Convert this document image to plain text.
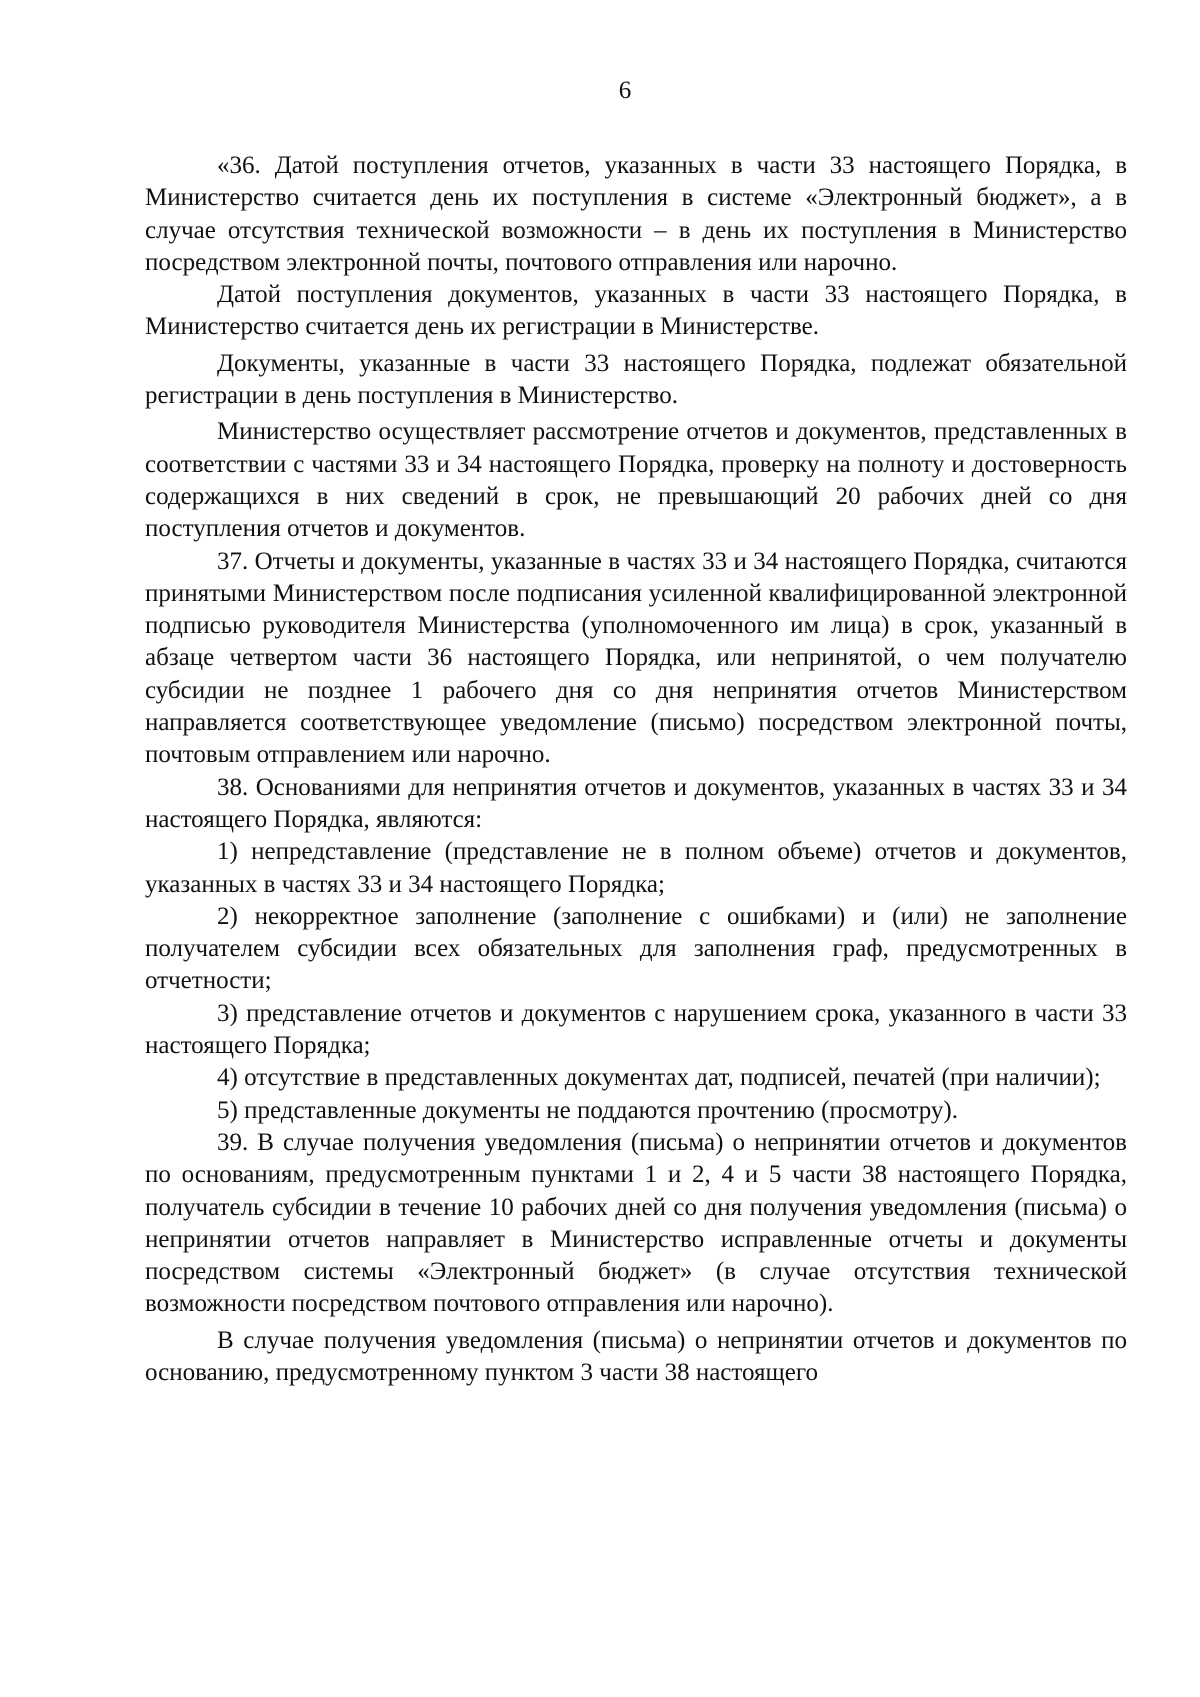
6

«36. Датой поступления отчетов, указанных в части 33 настоящего Порядка, в Министерство считается день их поступления в системе «Электронный бюджет», а в случае отсутствия технической возможности – в день их поступления в Министерство посредством электронной почты, почтового отправления или нарочно.

Датой поступления документов, указанных в части 33 настоящего Порядка, в Министерство считается день их регистрации в Министерстве.

Документы, указанные в части 33 настоящего Порядка, подлежат обязательной регистрации в день поступления в Министерство.

Министерство осуществляет рассмотрение отчетов и документов, представленных в соответствии с частями 33 и 34 настоящего Порядка, проверку на полноту и достоверность содержащихся в них сведений в срок, не превышающий 20 рабочих дней со дня поступления отчетов и документов.

37. Отчеты и документы, указанные в частях 33 и 34 настоящего Порядка, считаются принятыми Министерством после подписания усиленной квалифицированной электронной подписью руководителя Министерства (уполномоченного им лица) в срок, указанный в абзаце четвертом части 36 настоящего Порядка, или непринятой, о чем получателю субсидии не позднее 1 рабочего дня со дня непринятия отчетов Министерством направляется соответствующее уведомление (письмо) посредством электронной почты, почтовым отправлением или нарочно.

38. Основаниями для непринятия отчетов и документов, указанных в частях 33 и 34 настоящего Порядка, являются:

1) непредставление (представление не в полном объеме) отчетов и документов, указанных в частях 33 и 34 настоящего Порядка;

2) некорректное заполнение (заполнение с ошибками) и (или) не заполнение получателем субсидии всех обязательных для заполнения граф, предусмотренных в отчетности;

3) представление отчетов и документов с нарушением срока, указанного в части 33 настоящего Порядка;

4) отсутствие в представленных документах дат, подписей, печатей (при наличии);

5) представленные документы не поддаются прочтению (просмотру).

39. В случае получения уведомления (письма) о непринятии отчетов и документов по основаниям, предусмотренным пунктами 1 и 2, 4 и 5 части 38 настоящего Порядка, получатель субсидии в течение 10 рабочих дней со дня получения уведомления (письма) о непринятии отчетов направляет в Министерство исправленные отчеты и документы посредством системы «Электронный бюджет» (в случае отсутствия технической возможности посредством почтового отправления или нарочно).

В случае получения уведомления (письма) о непринятии отчетов и документов по основанию, предусмотренному пунктом 3 части 38 настоящего
